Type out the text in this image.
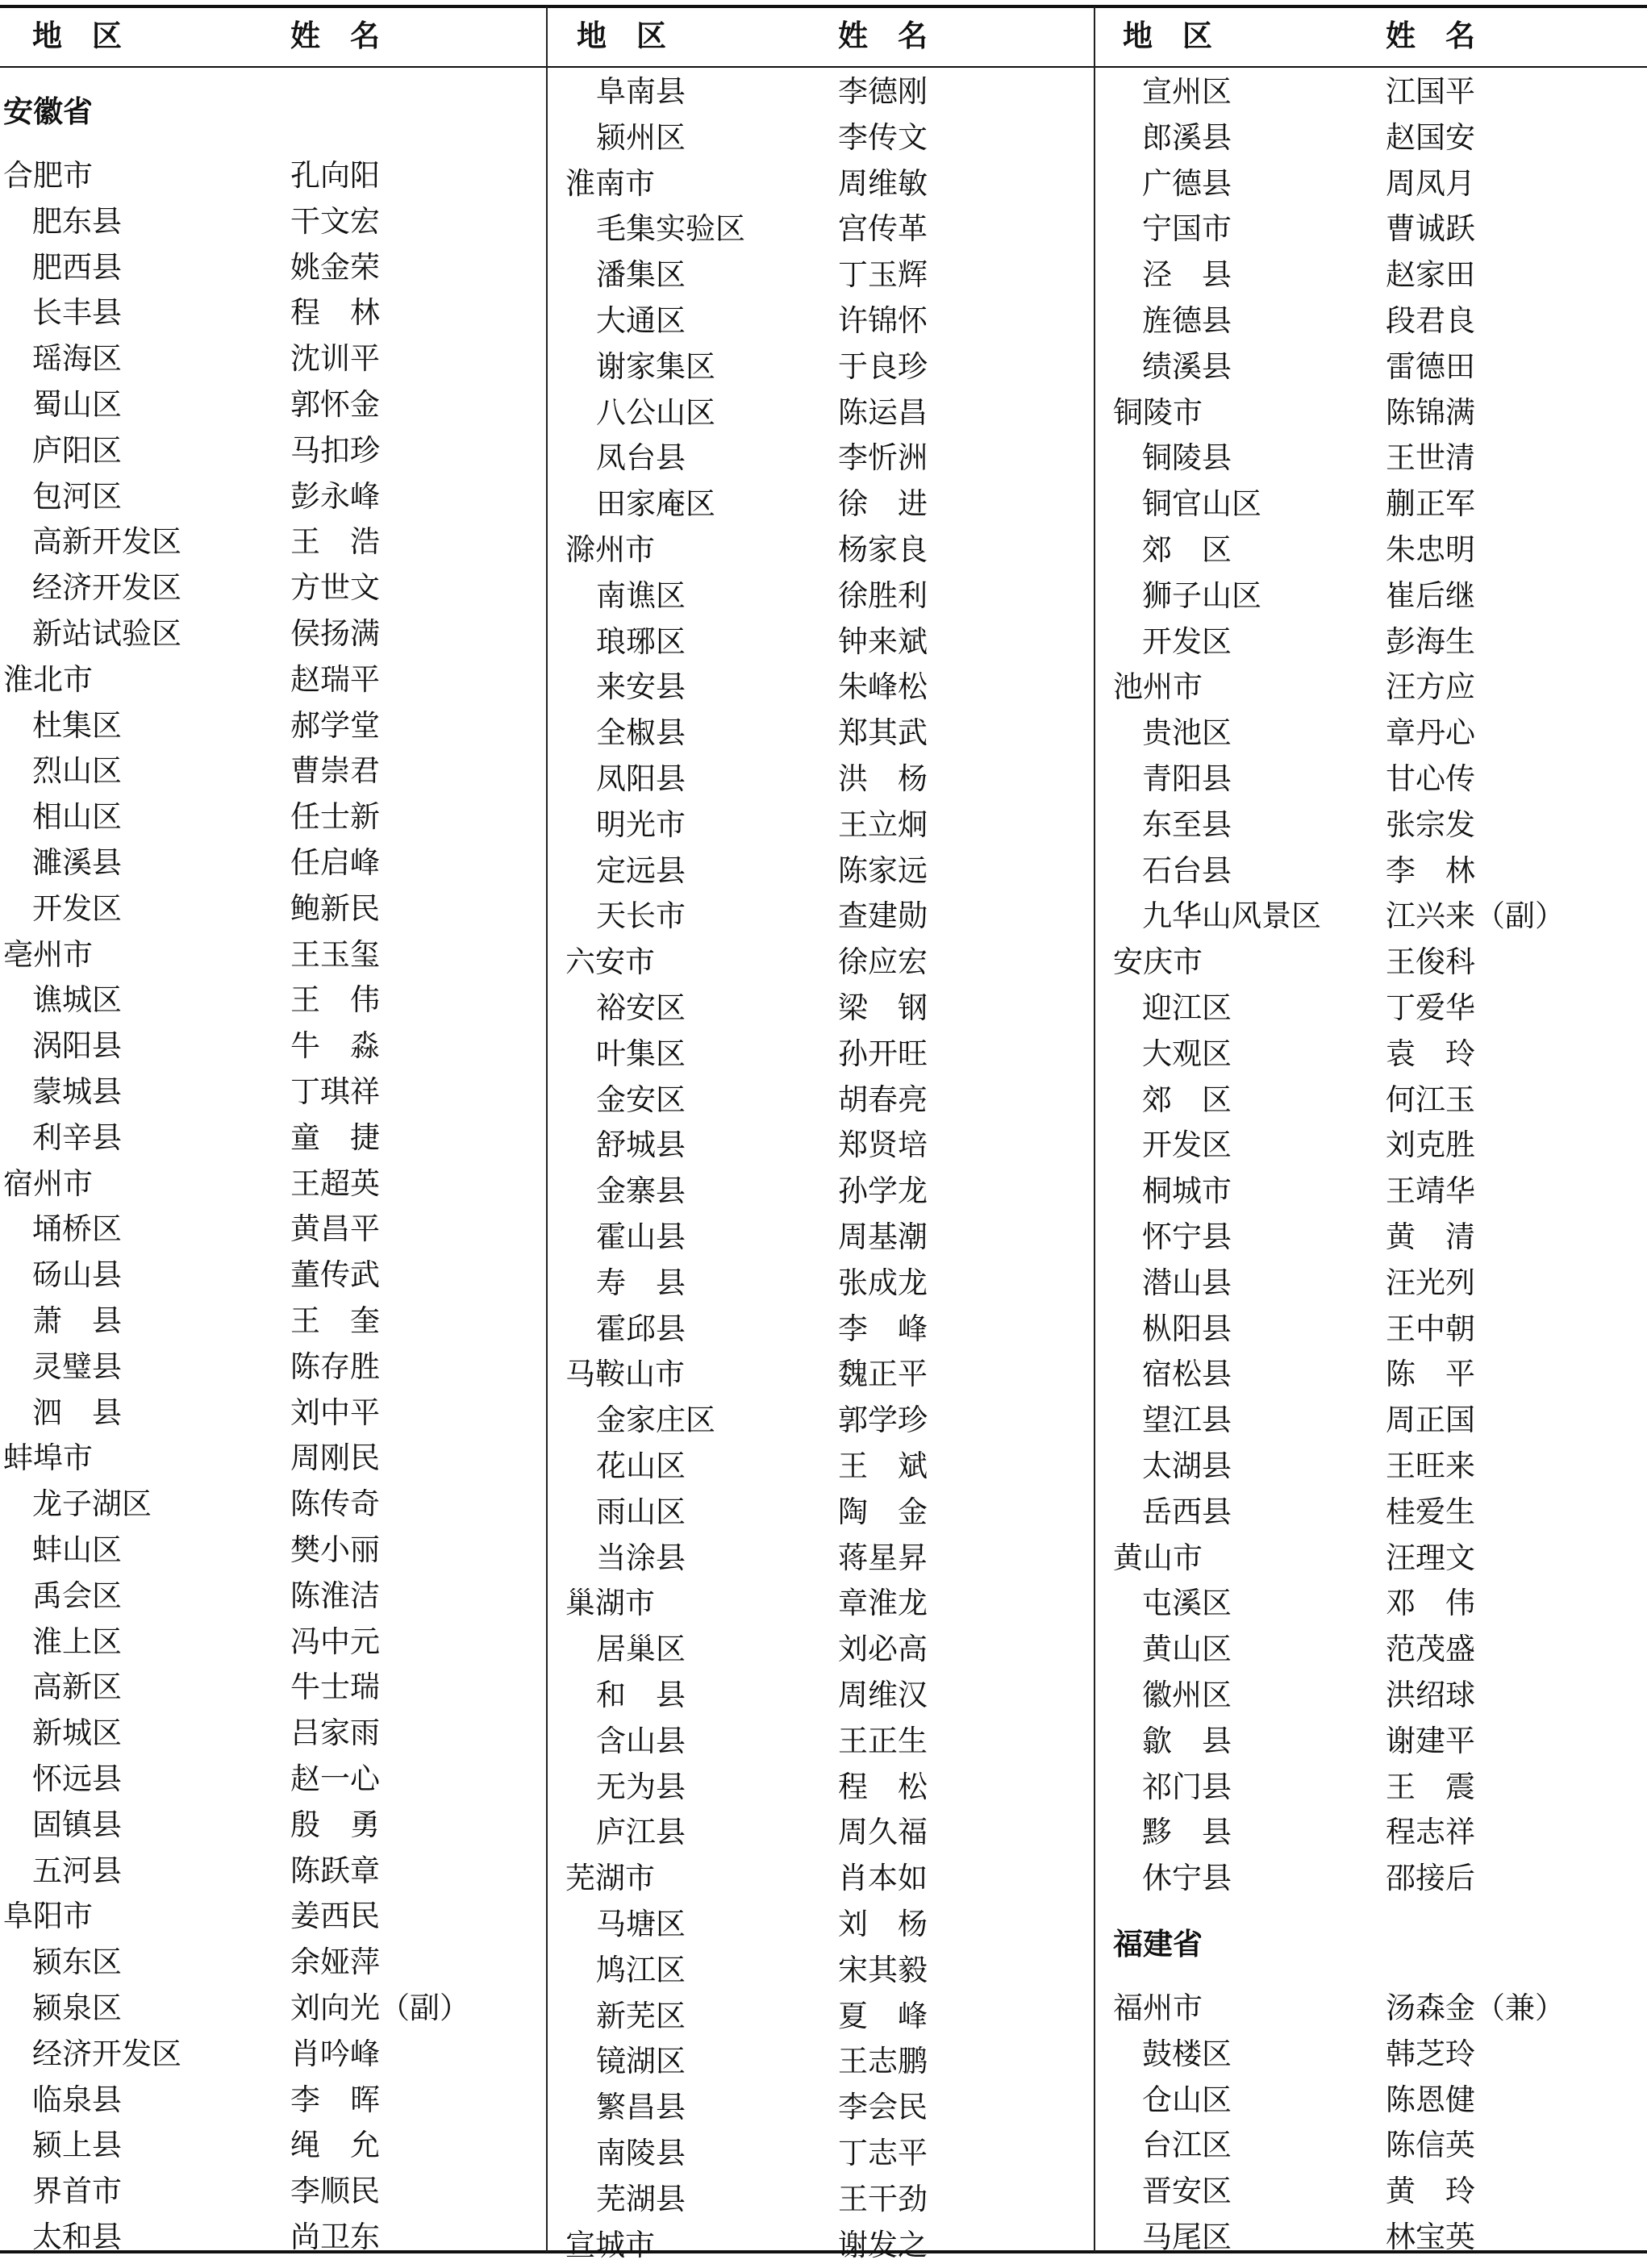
地　区	姓　名
安徽省
合肥市	孔向阳
肥东县	干文宏
肥西县	姚金荣
长丰县	程　林
瑶海区	沈训平
蜀山区	郭怀金
庐阳区	马扣珍
包河区	彭永峰
高新开发区	王　浩
经济开发区	方世文
新站试验区	侯扬满
淮北市	赵瑞平
杜集区	郝学堂
烈山区	曹崇君
相山区	任士新
濉溪县	任启峰
开发区	鲍新民
亳州市	王玉玺
谯城区	王　伟
涡阳县	牛　淼
蒙城县	丁琪祥
利辛县	童　捷
宿州市	王超英
埇桥区	黄昌平
砀山县	董传武
萧　县	王　奎
灵璧县	陈存胜
泗　县	刘中平
蚌埠市	周刚民
龙子湖区	陈传奇
蚌山区	樊小丽
禹会区	陈淮洁
淮上区	冯中元
高新区	牛士瑞
新城区	吕家雨
怀远县	赵一心
固镇县	殷　勇
五河县	陈跃章
阜阳市	姜西民
颍东区	余娅萍
颍泉区	刘向光（副）
经济开发区	肖吟峰
临泉县	李　晖
颍上县	绳　允
界首市	李顺民
太和县	尚卫东
地　区	姓　名
阜南县	李德刚
颍州区	李传文
淮南市	周维敏
毛集实验区	宫传革
潘集区	丁玉辉
大通区	许锦怀
谢家集区	于良珍
八公山区	陈运昌
凤台县	李忻洲
田家庵区	徐　进
滁州市	杨家良
南谯区	徐胜利
琅琊区	钟来斌
来安县	朱峰松
全椒县	郑其武
凤阳县	洪　杨
明光市	王立炯
定远县	陈家远
天长市	查建勋
六安市	徐应宏
裕安区	梁　钢
叶集区	孙开旺
金安区	胡春亮
舒城县	郑贤培
金寨县	孙学龙
霍山县	周基潮
寿　县	张成龙
霍邱县	李　峰
马鞍山市	魏正平
金家庄区	郭学珍
花山区	王　斌
雨山区	陶　金
当涂县	蒋星昇
巢湖市	章淮龙
居巢区	刘必高
和　县	周维汉
含山县	王正生
无为县	程　松
庐江县	周久福
芜湖市	肖本如
马塘区	刘　杨
鸠江区	宋其毅
新芜区	夏　峰
镜湖区	王志鹏
繁昌县	李会民
南陵县	丁志平
芜湖县	王干劲
宣城市	谢发之
地　区	姓　名
宣州区	江国平
郎溪县	赵国安
广德县	周凤月
宁国市	曹诚跃
泾　县	赵家田
旌德县	段君良
绩溪县	雷德田
铜陵市	陈锦满
铜陵县	王世清
铜官山区	蒯正军
郊　区	朱忠明
狮子山区	崔后继
开发区	彭海生
池州市	汪方应
贵池区	章丹心
青阳县	甘心传
东至县	张宗发
石台县	李　林
九华山风景区 江兴来（副）
安庆市	王俊科
迎江区	丁爱华
大观区	袁　玲
郊　区	何江玉
开发区	刘克胜
桐城市	王靖华
怀宁县	黄　清
潜山县	汪光列
枞阳县	王中朝
宿松县	陈　平
望江县	周正国
太湖县	王旺来
岳西县	桂爱生
黄山市	汪理文
屯溪区	邓　伟
黄山区	范茂盛
徽州区	洪绍球
歙　县	谢建平
祁门县	王　震
黟　县	程志祥
休宁县	邵接后
福建省
福州市	汤森金（兼）
鼓楼区	韩芝玲
仓山区	陈恩健
台江区	陈信英
晋安区	黄　玲
马尾区	林宝英
